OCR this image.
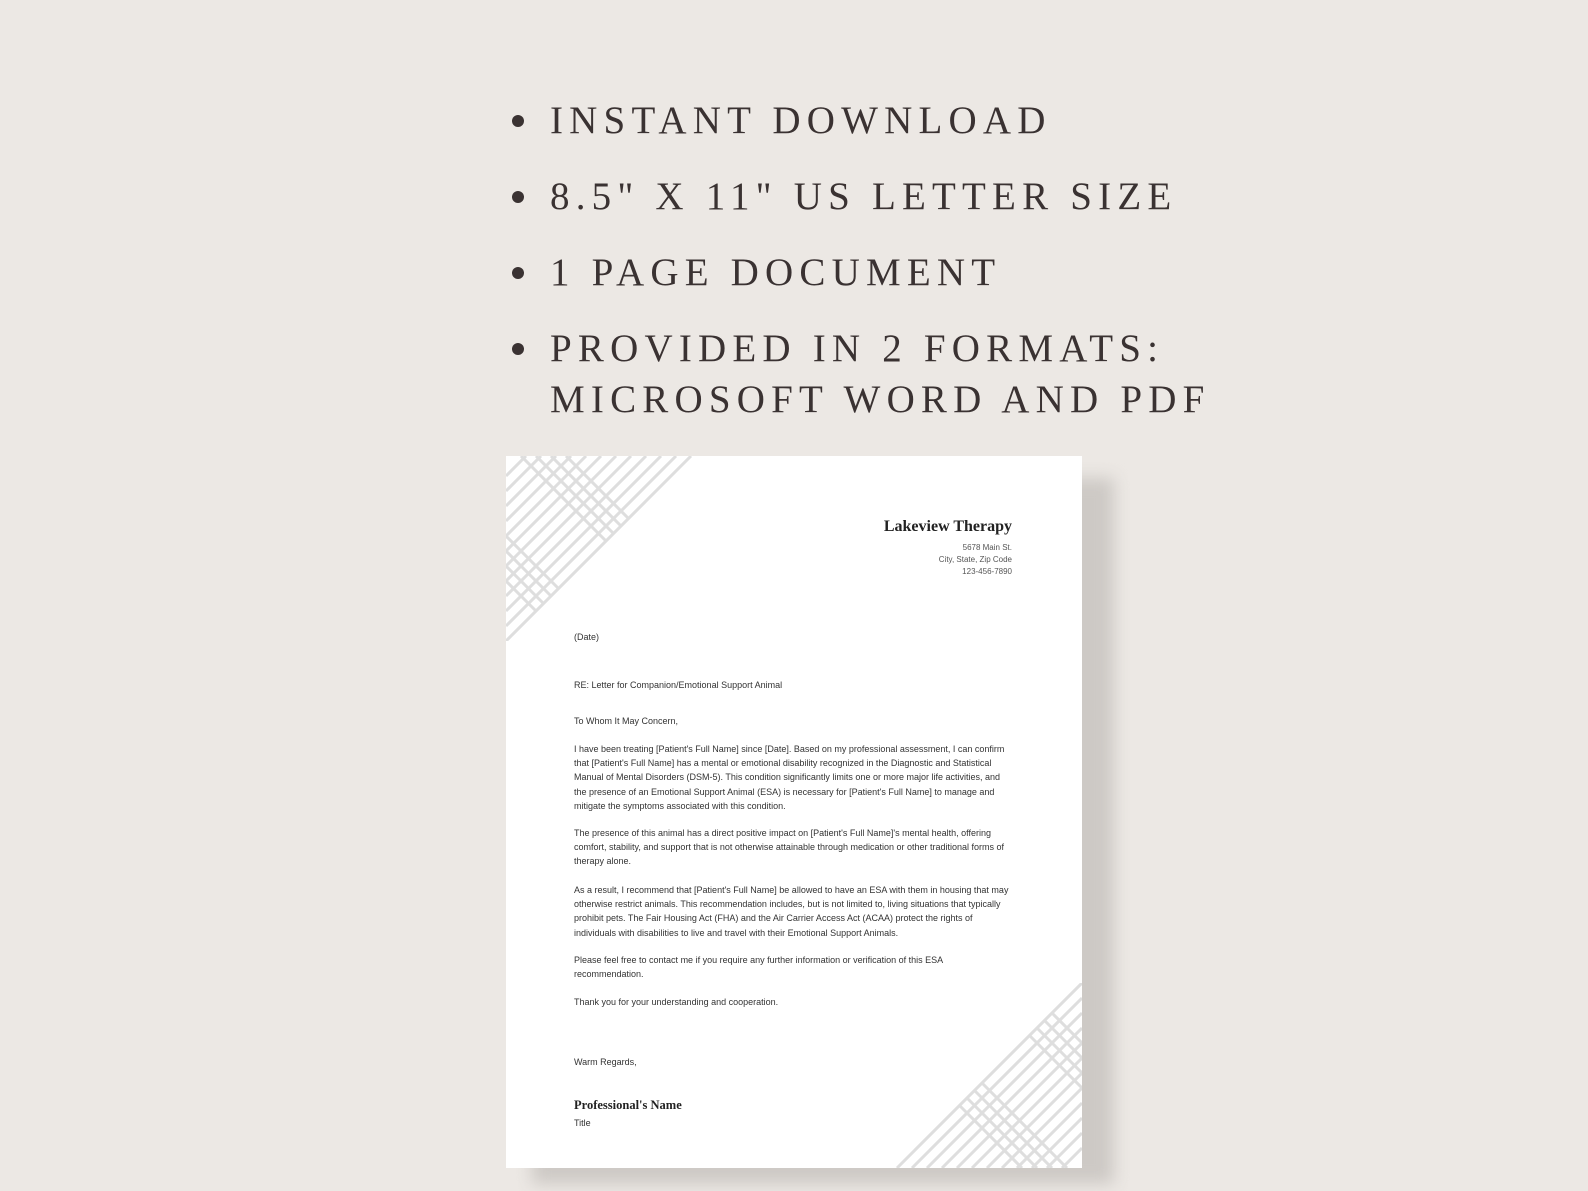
INSTANT DOWNLOAD
8.5" X 11" US LETTER SIZE
1 PAGE DOCUMENT
PROVIDED IN 2 FORMATS:
MICROSOFT WORD AND PDF
Lakeview Therapy
5678 Main St.
City, State, Zip Code
123-456-7890
(Date)
RE: Letter for Companion/Emotional Support Animal
To Whom It May Concern,
I have been treating [Patient's Full Name] since [Date]. Based on my professional assessment, I can confirm that [Patient's Full Name] has a mental or emotional disability recognized in the Diagnostic and Statistical Manual of Mental Disorders (DSM-5). This condition significantly limits one or more major life activities, and the presence of an Emotional Support Animal (ESA) is necessary for [Patient's Full Name] to manage and mitigate the symptoms associated with this condition.
The presence of this animal has a direct positive impact on [Patient's Full Name]'s mental health, offering comfort, stability, and support that is not otherwise attainable through medication or other traditional forms of therapy alone.
As a result, I recommend that [Patient's Full Name] be allowed to have an ESA with them in housing that may otherwise restrict animals. This recommendation includes, but is not limited to, living situations that typically prohibit pets. The Fair Housing Act (FHA) and the Air Carrier Access Act (ACAA) protect the rights of individuals with disabilities to live and travel with their Emotional Support Animals.
Please feel free to contact me if you require any further information or verification of this ESA recommendation.
Thank you for your understanding and cooperation.
Warm Regards,
Professional's Name
Title
